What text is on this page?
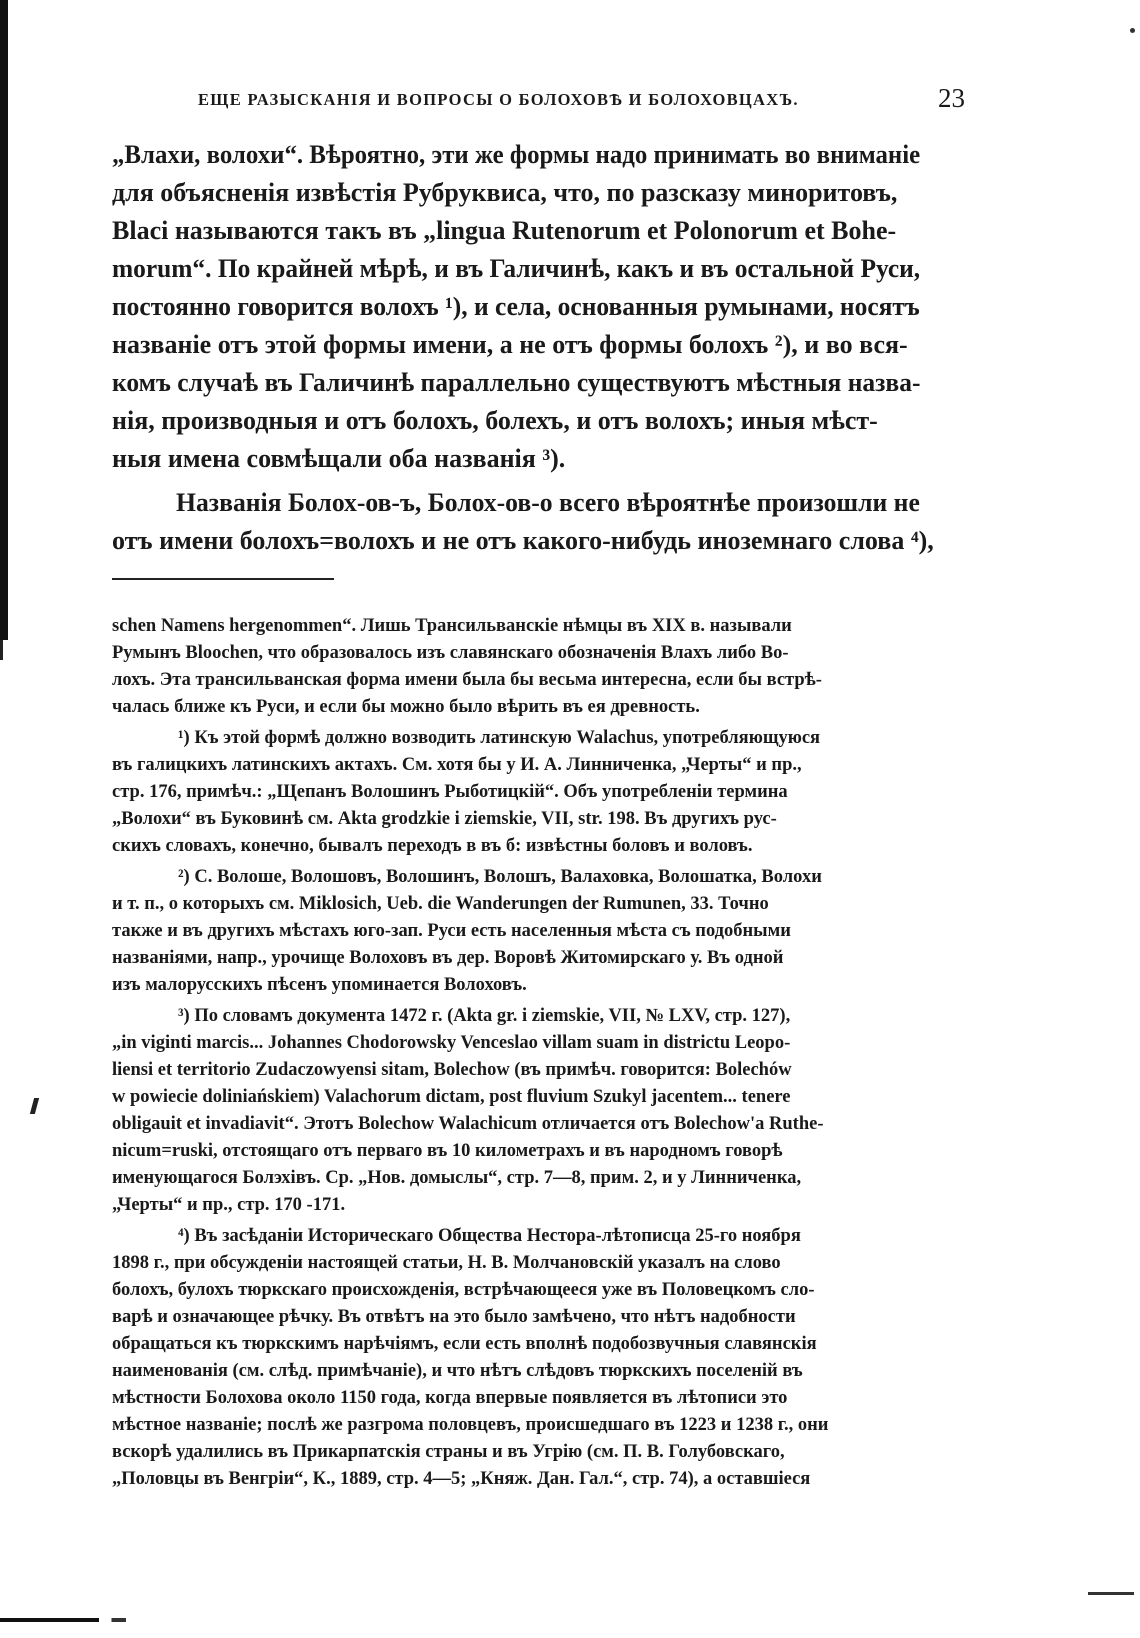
ЕЩЕ РАЗЫСКАНІЯ И ВОПРОСЫ О БОЛОХОВѢ И БОЛОХОВЦАХЪ.	23
„Влахи, волохи“. Вѣроятно, эти же формы надо принимать во вниманіе
для объясненія извѣстія Рубруквиса, что, по разсказу миноритовъ,
Blaci называются такъ въ „lingua Rutenorum et Polonorum et Bohe-
morum“. По крайней мѣрѣ, и въ Галичинѣ, какъ и въ остальной Руси,
постоянно говорится волохъ ¹), и села, основанныя румынами, носятъ
названіе отъ этой формы имени, а не отъ формы болохъ ²), и во вся-
комъ случаѣ въ Галичинѣ параллельно существуютъ мѣстныя назва-
нія, производныя и отъ болохъ, болехъ, и отъ волохъ; иныя мѣст-
ныя имена совмѣщали оба названія ³).
Названія Болох-ов-ъ, Болох-ов-о всего вѣроятнѣе произошли не
отъ имени болохъ=волохъ и не отъ какого-нибудь иноземнаго слова ⁴),
schen Namens hergenommen“. Лишь Трансильванскіе нѣмцы въ XIX в. называли
Румынъ Bloochen, что образовалось изъ славянскаго обозначенія Влахъ либо Во-
лохъ. Эта трансильванская форма имени была бы весьма интересна, если бы встрѣ-
чалась ближе къ Руси, и если бы можно было вѣрить въ ея древность.
¹) Къ этой формѣ должно возводить латинскую Walachus, употребляющуюся
въ галицкихъ латинскихъ актахъ. См. хотя бы у И. А. Линниченка, „Черты“ и пр.,
стр. 176, примѣч.: „Щепанъ Волошинъ Рыботицкій“. Объ употребленіи термина
„Волохи“ въ Буковинѣ см. Akta grodzkie i ziemskie, VII, str. 198. Въ другихъ рус-
скихъ словахъ, конечно, бывалъ переходъ в въ б: извѣстны боловъ и воловъ.
²) С. Волоше, Волошовъ, Волошинъ, Волошъ, Валаховка, Волошатка, Волохи
и т. п., о которыхъ см. Miklosich, Ueb. die Wanderungen der Rumunen, 33. Точно
также и въ другихъ мѣстахъ юго-зап. Руси есть населенныя мѣста съ подобными
названіями, напр., урочище Волоховъ въ дер. Воровѣ Житомирскаго у. Въ одной
изъ малорусскихъ пѣсенъ упоминается Волоховъ.
³) По словамъ документа 1472 г. (Akta gr. i ziemskie, VII, № LXV, стр. 127),
„in viginti marcis... Johannes Chodorowsky Venceslao villam suam in districtu Leopo-
liensi et territorio Zudaczowyensi sitam, Bolechow (въ примѣч. говорится: Bolechów
w powiecie doliniańskiem) Valachorum dictam, post fluvium Szukyl jacentem... tenere
obligauit et invadiavit“. Этотъ Bolechow Walachicum отличается отъ Bolechow'a Ruthe-
nicum=ruski, отстоящаго отъ перваго въ 10 километрахъ и въ народномъ говорѣ
именующагося Болэхівъ. Ср. „Нов. домыслы“, стр. 7—8, прим. 2, и у Линниченка,
„Черты“ и пр., стр. 170 -171.
⁴) Въ засѣданіи Историческаго Общества Нестора-лѣтописца 25-го ноября
1898 г., при обсужденіи настоящей статьи, Н. В. Молчановскій указалъ на слово
болохъ, булохъ тюркскаго происхожденія, встрѣчающееся уже въ Половецкомъ сло-
варѣ и означающее рѣчку. Въ отвѣтъ на это было замѣчено, что нѣтъ надобности
обращаться къ тюркскимъ нарѣчіямъ, если есть вполнѣ подобозвучныя славянскія
наименованія (см. слѣд. примѣчаніе), и что нѣтъ слѣдовъ тюркскихъ поселеній въ
мѣстности Болохова около 1150 года, когда впервые появляется въ лѣтописи это
мѣстное названіе; послѣ же разгрома половцевъ, происшедшаго въ 1223 и 1238 г., они
вскорѣ удалились въ Прикарпатскія страны и въ Угрію (см. П. В. Голубовскаго,
„Половцы въ Венгріи“, К., 1889, стр. 4—5; „Княж. Дан. Гал.“, стр. 74), а оставшіеся
